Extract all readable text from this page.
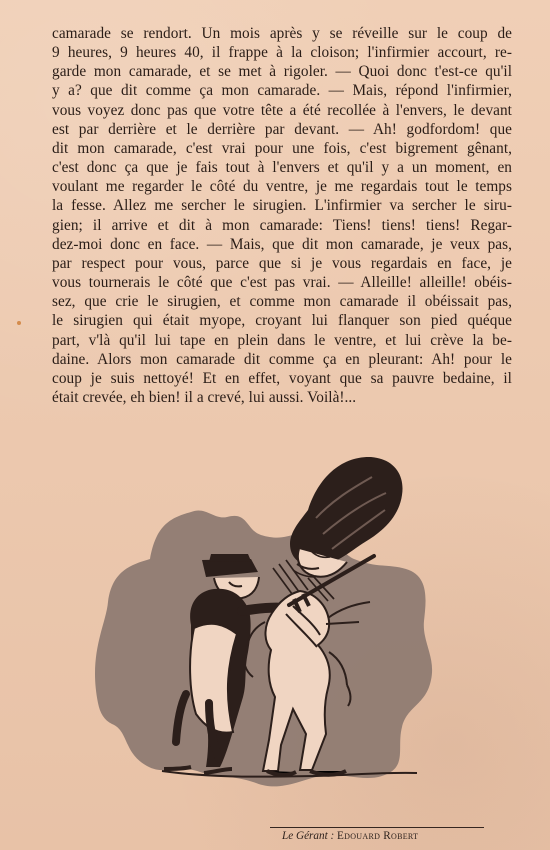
camarade se rendort. Un mois après y se réveille sur le coup de
9 heures, 9 heures 40, il frappe à la cloison; l'infirmier accourt, re-
garde mon camarade, et se met à rigoler. — Quoi donc t'est-ce qu'il
y a? que dit comme ça mon camarade. — Mais, répond l'infirmier,
vous voyez donc pas que votre tête a été recollée à l'envers, le devant
est par derrière et le derrière par devant. — Ah! godfordom! que
dit mon camarade, c'est vrai pour une fois, c'est bigrement gênant,
c'est donc ça que je fais tout à l'envers et qu'il y a un moment, en
voulant me regarder le côté du ventre, je me regardais tout le temps
la fesse. Allez me sercher le sirugien. L'infirmier va sercher le siru-
gien; il arrive et dit à mon camarade: Tiens! tiens! tiens! Regar-
dez-moi donc en face. — Mais, que dit mon camarade, je veux pas,
par respect pour vous, parce que si je vous regardais en face, je
vous tournerais le côté que c'est pas vrai. — Alleille! alleille! obéis-
sez, que crie le sirugien, et comme mon camarade il obéissait pas,
le sirugien qui était myope, croyant lui flanquer son pied quéque
part, v'là qu'il lui tape en plein dans le ventre, et lui crève la be-
daine. Alors mon camarade dit comme ça en pleurant: Ah! pour le
coup je suis nettoyé! Et en effet, voyant que sa pauvre bedaine, il
était crevée, eh bien! il a crevé, lui aussi. Voilà!...
Le Gérant : Edouard Robert
